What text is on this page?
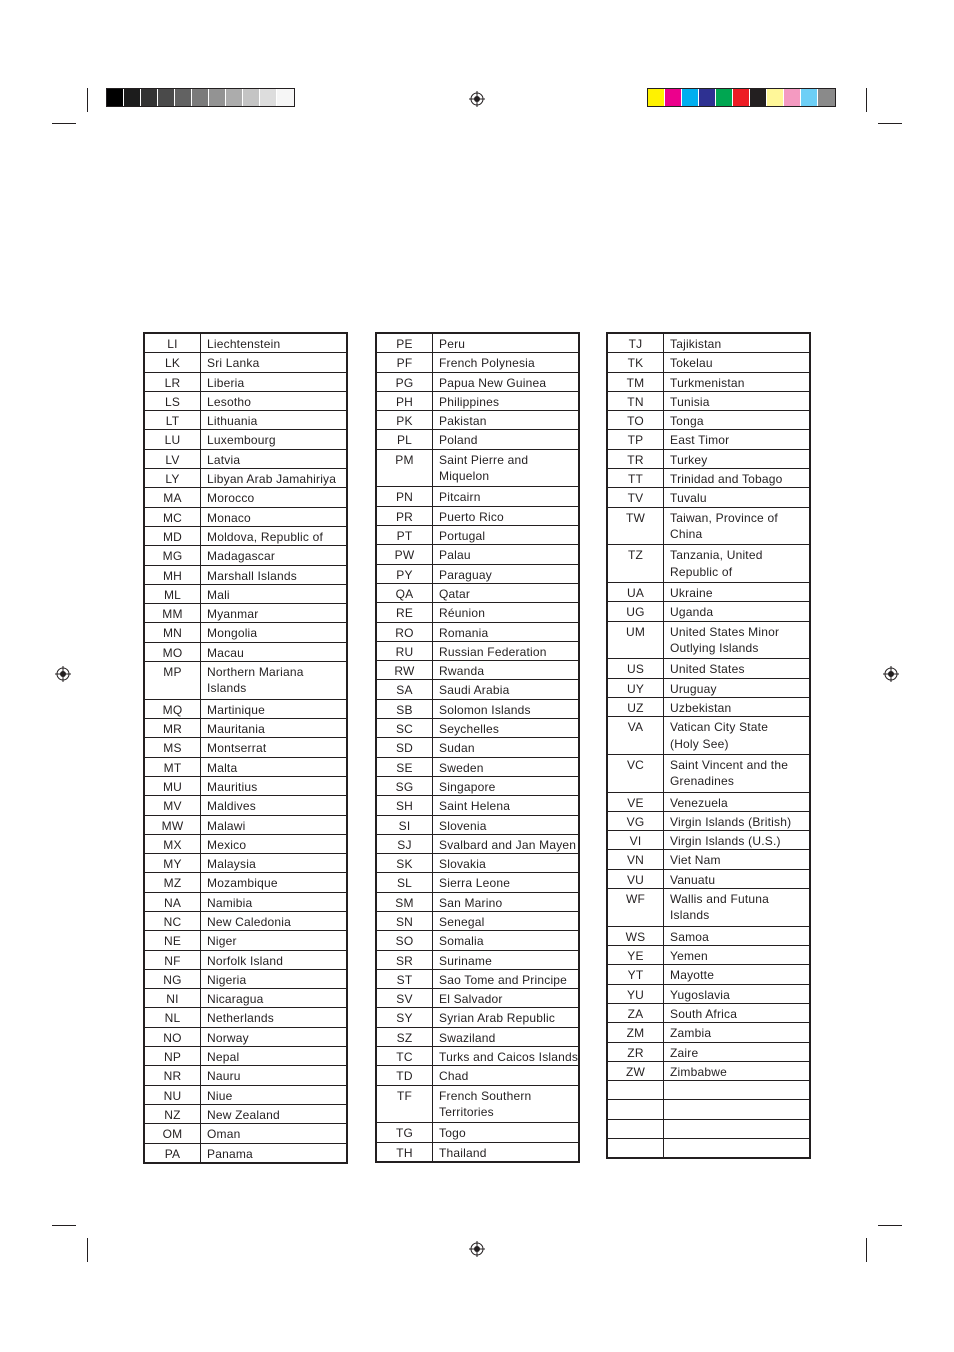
LI	Liechtenstein
LK	Sri Lanka
LR	Liberia
LS	Lesotho
LT	Lithuania
LU	Luxembourg
LV	Latvia
LY	Libyan Arab Jamahiriya
MA	Morocco
MC	Monaco
MD	Moldova, Republic of
MG	Madagascar
MH	Marshall Islands
ML	Mali
MM	Myanmar
MN	Mongolia
MO	Macau
MP	Northern Mariana
Islands

MQ	Martinique
MR	Mauritania
MS	Montserrat
MT	Malta
MU	Mauritius
MV	Maldives
MW	Malawi
MX	Mexico
MY	Malaysia
MZ	Mozambique
NA	Namibia
NC	New Caledonia
NE	Niger
NF	Norfolk Island
NG	Nigeria
NI	Nicaragua
NL	Netherlands
NO	Norway
NP	Nepal
NR	Nauru
NU	Niue
NZ	New Zealand
OM	Oman
PA	Panama
PE	Peru
PF	French Polynesia
PG	Papua New Guinea
PH	Philippines
PK	Pakistan
PL	Poland
PM	Saint Pierre and
Miquelon

PN	Pitcairn
PR	Puerto Rico
PT	Portugal
PW	Palau
PY	Paraguay
QA	Qatar
RE	Réunion
RO	Romania
RU	Russian Federation
RW	Rwanda
SA	Saudi Arabia
SB	Solomon Islands
SC	Seychelles
SD	Sudan
SE	Sweden
SG	Singapore
SH	Saint Helena
SI	Slovenia
SJ	Svalbard and Jan Mayen
SK	Slovakia
SL	Sierra Leone
SM	San Marino
SN	Senegal
SO	Somalia
SR	Suriname
ST	Sao Tome and Principe
SV	El Salvador
SY	Syrian Arab Republic
SZ	Swaziland
TC	Turks and Caicos Islands
TD	Chad
TF	French Southern
Territories

TG	Togo
TH	Thailand
TJ	Tajikistan
TK	Tokelau
TM	Turkmenistan
TN	Tunisia
TO	Tonga
TP	East Timor
TR	Turkey
TT	Trinidad and Tobago
TV	Tuvalu
TW	Taiwan, Province of
China

TZ	Tanzania, United
Republic of

UA	Ukraine
UG	Uganda
UM	United States Minor
Outlying Islands

US	United States
UY	Uruguay
UZ	Uzbekistan
VA	Vatican City State
(Holy See)

VC	Saint Vincent and the
Grenadines

VE	Venezuela
VG	Virgin Islands (British)
VI	Virgin Islands (U.S.)
VN	Viet Nam
VU	Vanuatu
WF	Wallis and Futuna
Islands

WS	Samoa
YE	Yemen
YT	Mayotte
YU	Yugoslavia
ZA	South Africa
ZM	Zambia
ZR	Zaire
ZW	Zimbabwe
